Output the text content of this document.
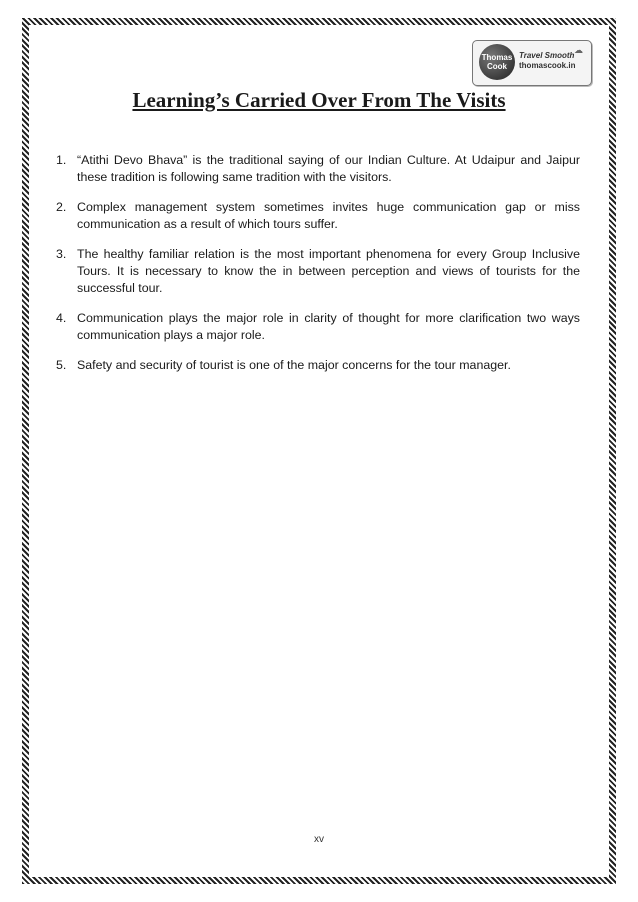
Thomas
Cook
☁
Travel Smooth
thomascook.in
Learning’s Carried Over From The Visits
1. “Atithi Devo Bhava” is the traditional saying of our Indian Culture. At Udaipur and Jaipur these tradition is following same tradition with the visitors.
2. Complex management system sometimes invites huge communication gap or miss communication as a result of which tours suffer.
3. The healthy familiar relation is the most important phenomena for every Group Inclusive Tours. It is necessary to know the in between perception and views of tourists for the successful tour.
4. Communication plays the major role in clarity of thought for more clarification two ways communication plays a major role.
5. Safety and security of tourist is one of the major concerns for the tour manager.
xv
